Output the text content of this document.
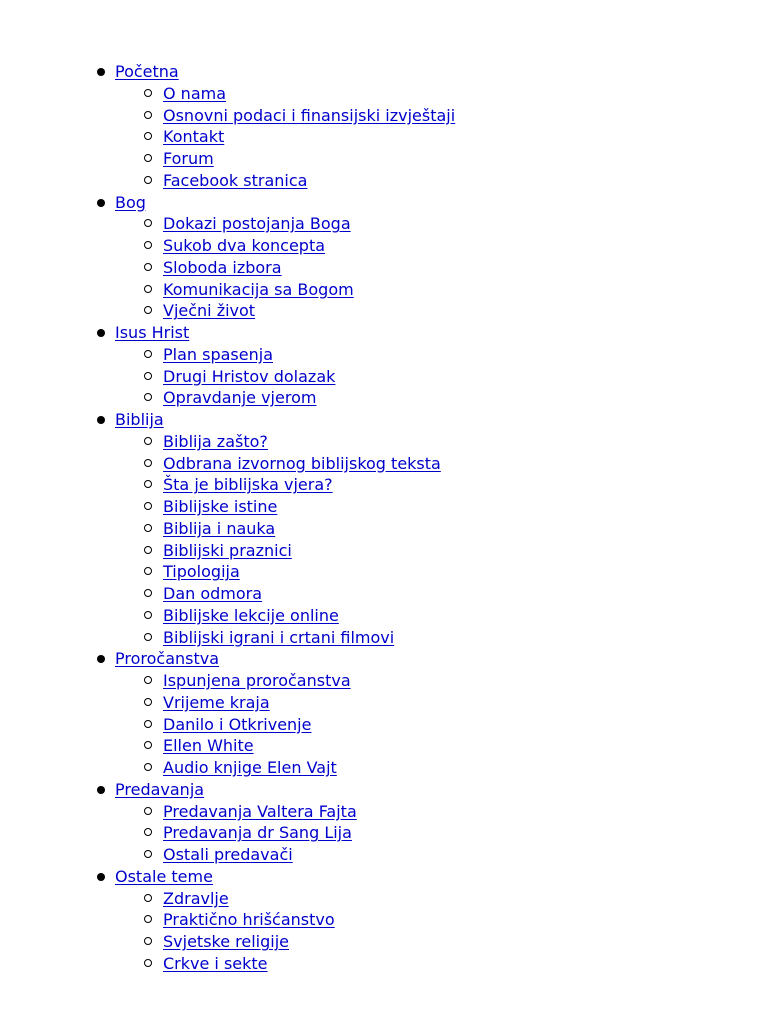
Početna
O nama
Osnovni podaci i finansijski izvještaji
Kontakt
Forum
Facebook stranica
Bog
Dokazi postojanja Boga
Sukob dva koncepta
Sloboda izbora
Komunikacija sa Bogom
Vječni život
Isus Hrist
Plan spasenja
Drugi Hristov dolazak
Opravdanje vjerom
Biblija
Biblija zašto?
Odbrana izvornog biblijskog teksta
Šta je biblijska vjera?
Biblijske istine
Biblija i nauka
Biblijski praznici
Tipologija
Dan odmora
Biblijske lekcije online
Biblijski igrani i crtani filmovi
Proročanstva
Ispunjena proročanstva
Vrijeme kraja
Danilo i Otkrivenje
Ellen White
Audio knjige Elen Vajt
Predavanja
Predavanja Valtera Fajta
Predavanja dr Sang Lija
Ostali predavači
Ostale teme
Zdravlje
Praktično hrišćanstvo
Svjetske religije
Crkve i sekte
